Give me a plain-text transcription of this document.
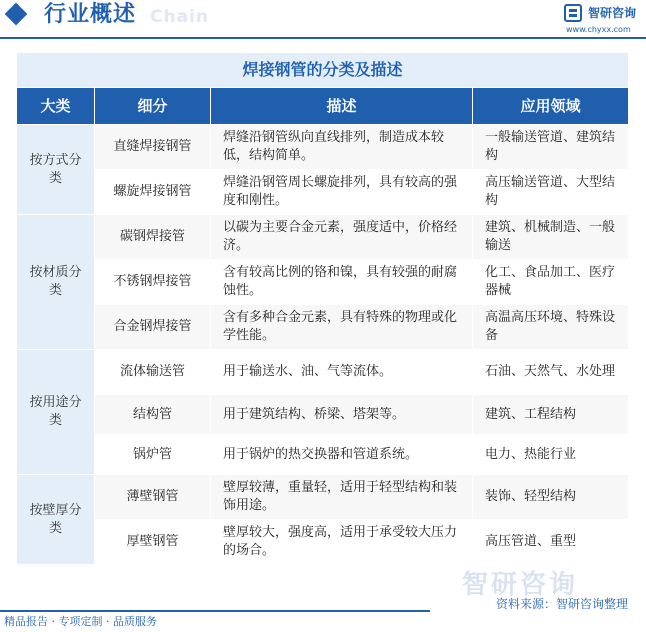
行业概述 Chain	智研咨询
www.chyxx.com
焊接钢管的分类及描述			
大类	细分	描述	应用领域
按方式分类	直缝焊接钢管	焊缝沿钢管纵向直线排列，制造成本较低，结构简单。	一般输送管道、建筑结构
	螺旋焊接钢管	焊缝沿钢管周长螺旋排列，具有较高的强度和刚性。	高压输送管道、大型结构
按材质分类	碳钢焊接管	以碳为主要合金元素，强度适中，价格经济。	建筑、机械制造、一般输送
	不锈钢焊接管	含有较高比例的铬和镍，具有较强的耐腐蚀性。	化工、食品加工、医疗器械
	合金钢焊接管	含有多种合金元素，具有特殊的物理或化学性能。	高温高压环境、特殊设备
按用途分类	流体输送管	用于输送水、油、气等流体。	石油、天然气、水处理
	结构管	用于建筑结构、桥梁、塔架等。	建筑、工程结构
	锅炉管	用于锅炉的热交换器和管道系统。	电力、热能行业
按壁厚分类	薄壁钢管	壁厚较薄，重量轻，适用于轻型结构和装饰用途。	装饰、轻型结构
	厚壁钢管	壁厚较大，强度高，适用于承受较大压力的场合。	高压管道、重型
智研咨询
精品报告 · 专项定制 · 品质服务
资料来源：智研咨询整理
